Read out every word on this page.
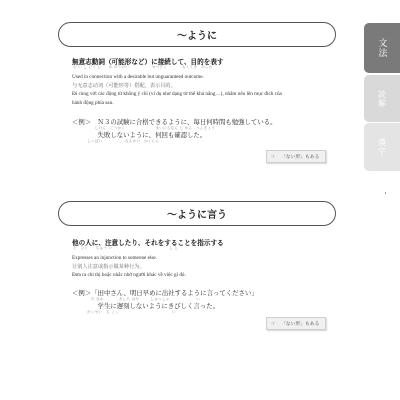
文法
読解
漢字
〜ように
無意志動詞（可能形など）に接続して、目的を表す
む い し どう し　　か のうけい　　　　　　せつぞく　　　　もくてき　あらわ
Used in connection with a desirable but unguaranteed outcome.
与无意志动词（可能形等）搭配，表示目的。
Đi cùng với các động từ không ý chí (ví dụ như dạng từ thể khả năng…), nhằm nêu lên mục đích của hành động phía sau.
＜例＞　Ｎ３の試験に合格できるように、毎日何時間も勉強している。
　　　　　　しけん　ごうかく　　　　　　　　まいにちなん じ かん　べんきょう
　　　　失敗しないように、何回も確認した。
　　　　しっぱい　　　　　　なんかい　かくにん
☞ 「ない形」もある
〜ように言う
他の人に、注意したり、それをすることを指示する
た　ひと　　ちゅう い　　　　　　　　　　　　　　　し じ
Expresses an injunction to someone else.
让别人注意或指示做某种行为。
Đưa ra chỉ thị hoặc nhắc nhở người khác về việc gì đó.
＜例＞「田中さん、明日早めに出社するように言ってください」
　　　　　た なか　　　　あした はや　　　しゅっしゃ　　　　　　　い
　　　　学生に遅刻しないようにきびしく言った。
　　　　がくせい　ち こく　　　　　　　　　　　　　　い
☞ 「ない形」もある
